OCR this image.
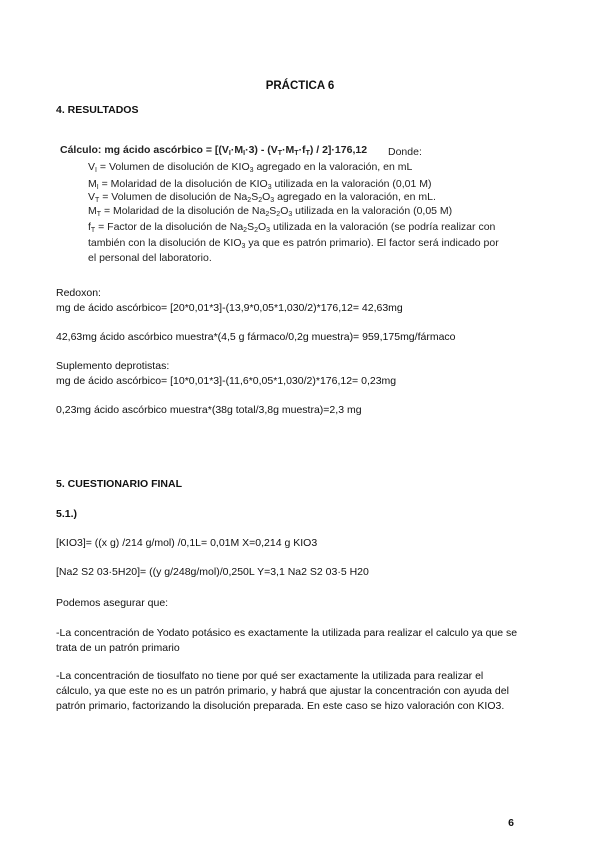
PRÁCTICA 6
4. RESULTADOS
Cálculo: mg ácido ascórbico = $[(V_I\cdot M_I\cdot 3) - (V_T\cdot M_T\cdot f_T) / 2]\cdot 176,12$ Donde:
$V_I$ = Volumen de disolución de $KIO_3$ agregado en la valoración, en mL
$M_I$ = Molaridad de la disolución de $KIO_3$ utilizada en la valoración (0,01 M)
$V_T$ = Volumen de disolución de $Na_2S_2O_3$ agregado en la valoración, en mL.
$M_T$ = Molaridad de la disolución de $Na_2S_2O_3$ utilizada en la valoración (0,05 M)
$f_T$ = Factor de la disolución de $Na_2S_2O_3$ utilizada en la valoración (se podría realizar con
también con la disolución de $KIO_3$ ya que es patrón primario). El factor será indicado por
el personal del laboratorio.
Redoxon:
mg de ácido ascórbico= [20*0,01*3]-(13,9*0,05*1,030/2)*176,12= 42,63mg
42,63mg ácido ascórbico muestra*(4,5 g fármaco/0,2g muestra)= 959,175mg/fármaco
Suplemento deprotistas:
mg de ácido ascórbico= [10*0,01*3]-(11,6*0,05*1,030/2)*176,12= 0,23mg
0,23mg ácido ascórbico muestra*(38g total/3,8g muestra)=2,3 mg
5. CUESTIONARIO FINAL
5.1.)
[KIO3]= ((x g) /214 g/mol) /0,1L= 0,01M X=0,214 g KIO3
[Na2 S2 03·5H20]= ((y g/248g/mol)/0,250L Y=3,1 Na2 S2 03·5 H20
Podemos asegurar que:
-La concentración de Yodato potásico es exactamente la utilizada para realizar el calculo ya que se
trata de un patrón primario
-La concentración de tiosulfato no tiene por qué ser exactamente la utilizada para realizar el
cálculo, ya que este no es un patrón primario, y habrá que ajustar la concentración con ayuda del
patrón primario, factorizando la disolución preparada. En este caso se hizo valoración con KIO3.
6
